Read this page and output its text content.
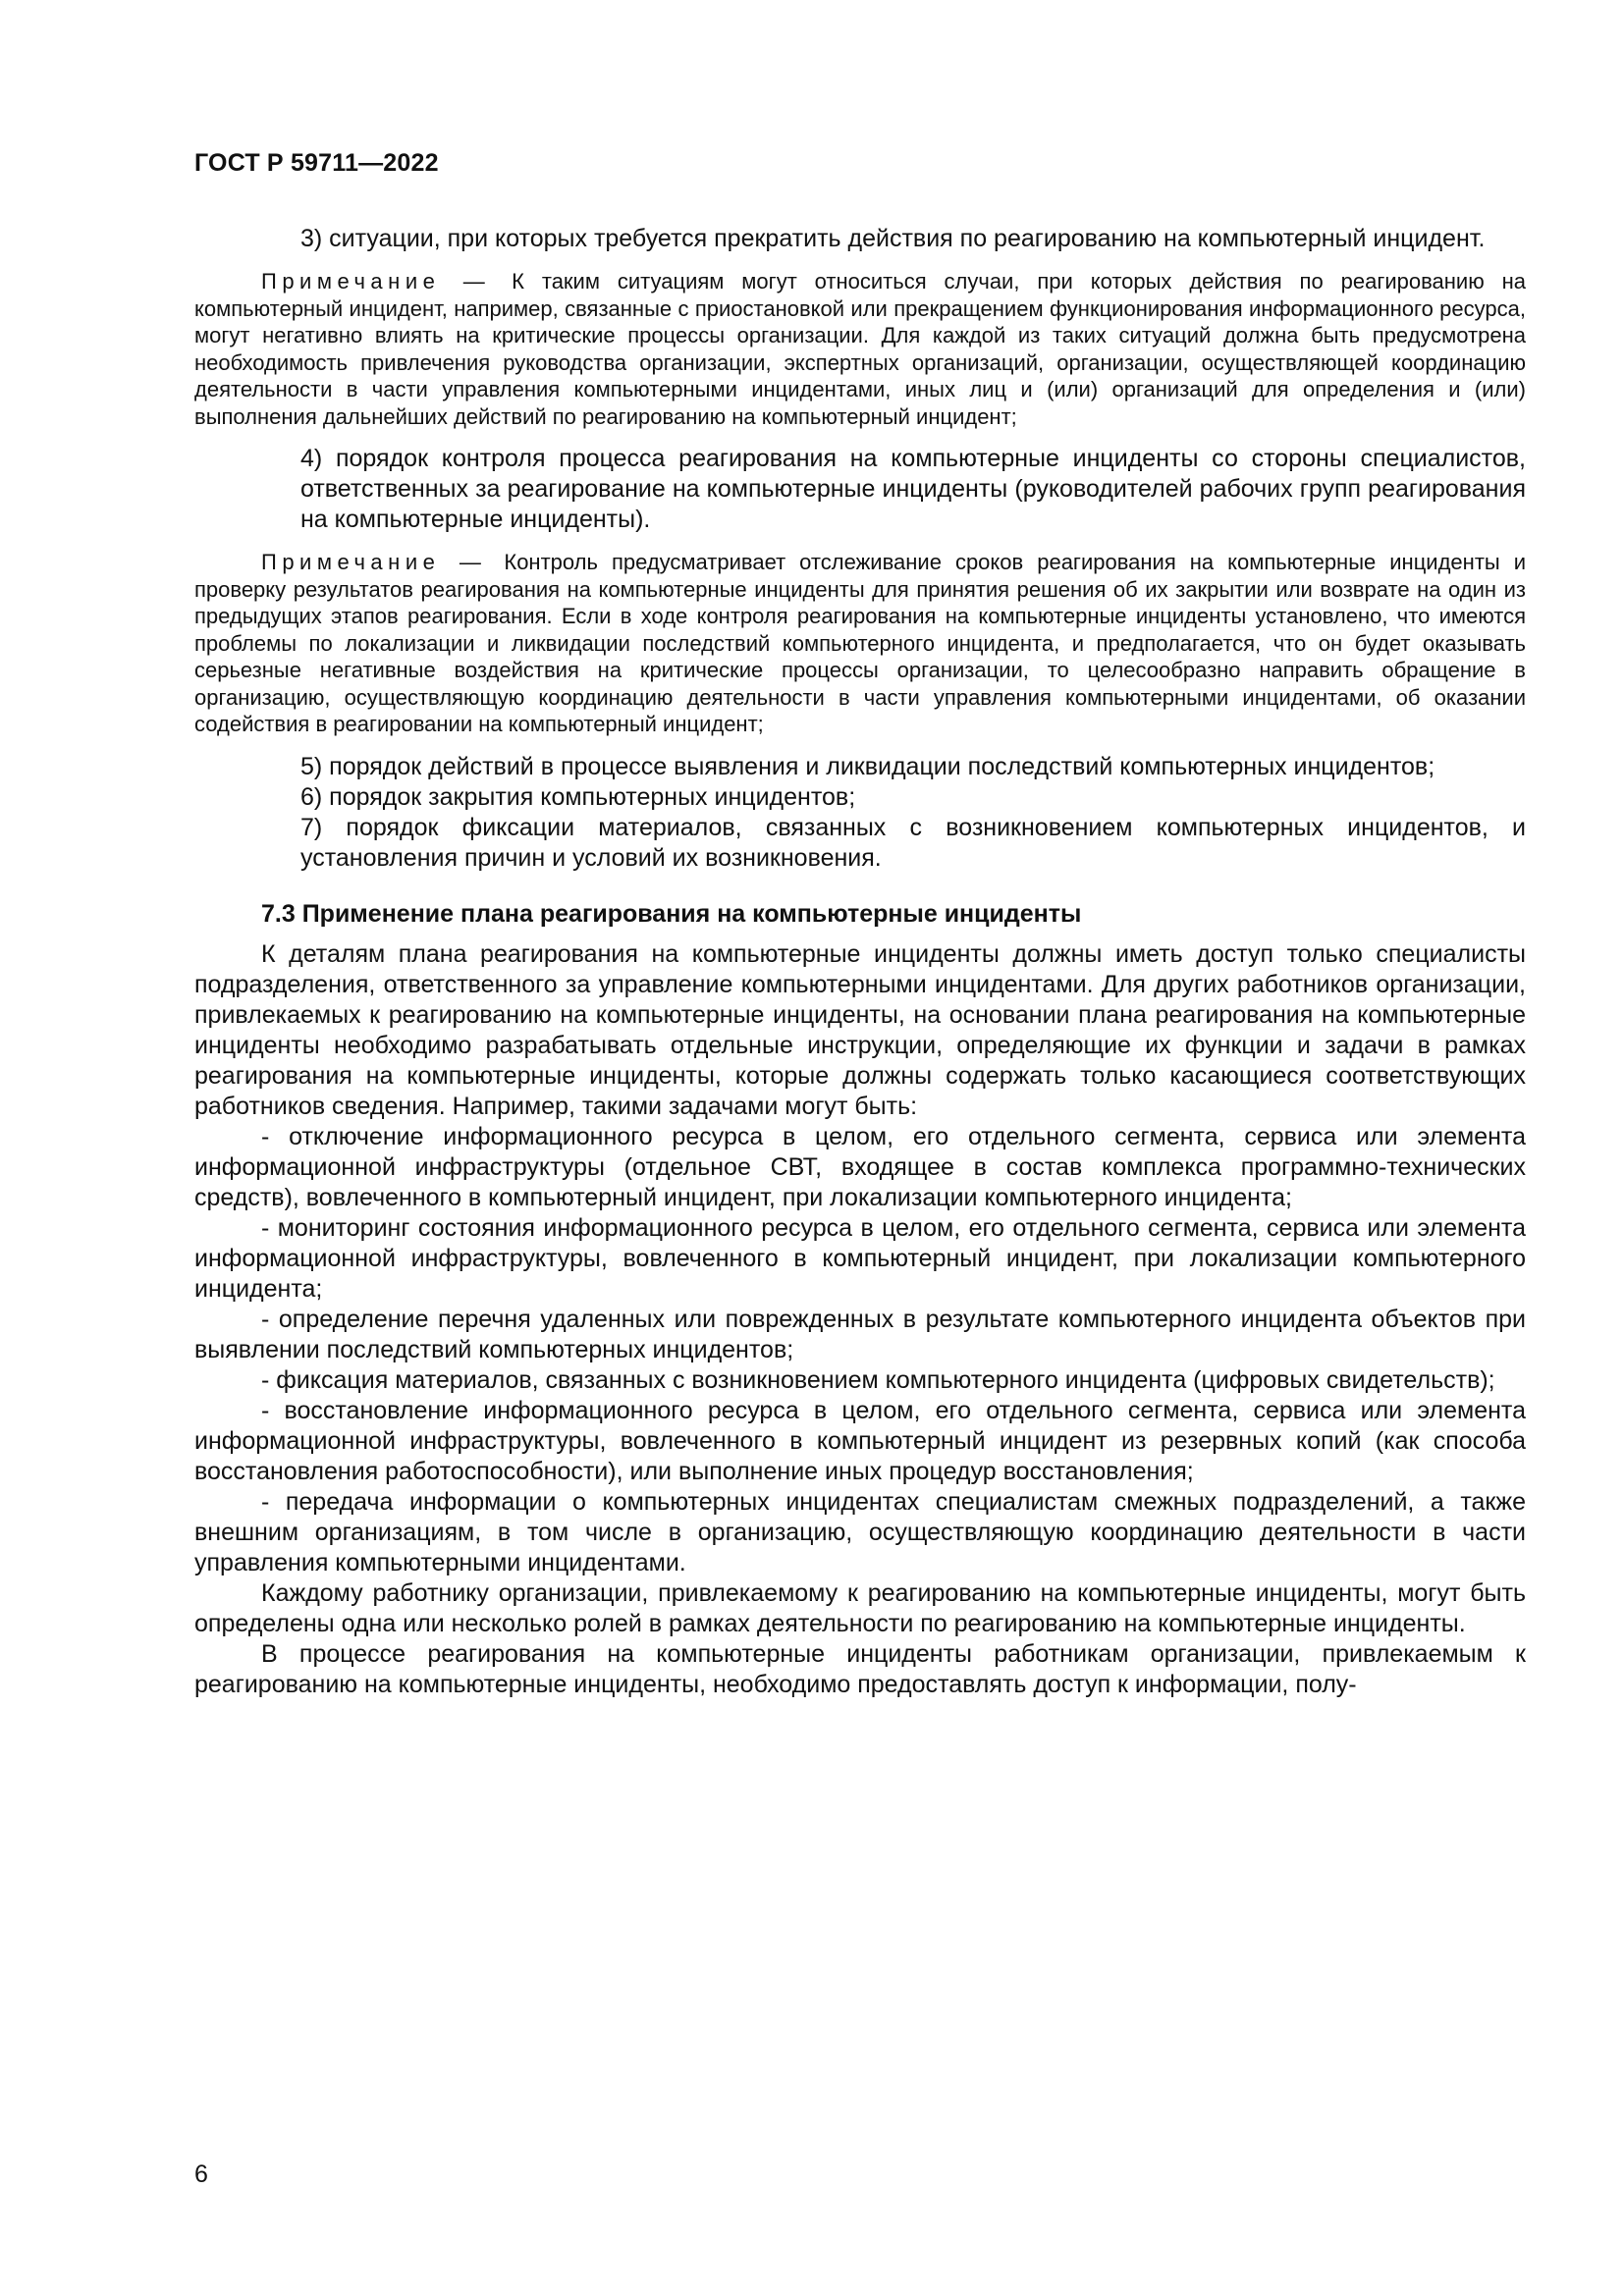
ГОСТ Р 59711—2022
3) ситуации, при которых требуется прекратить действия по реагированию на компьютерный инцидент.
Примечание — К таким ситуациям могут относиться случаи, при которых действия по реагированию на компьютерный инцидент, например, связанные с приостановкой или прекращением функционирования информационного ресурса, могут негативно влиять на критические процессы организации. Для каждой из таких ситуаций должна быть предусмотрена необходимость привлечения руководства организации, экспертных организаций, организации, осуществляющей координацию деятельности в части управления компьютерными инцидентами, иных лиц и (или) организаций для определения и (или) выполнения дальнейших действий по реагированию на компьютерный инцидент;
4) порядок контроля процесса реагирования на компьютерные инциденты со стороны специалистов, ответственных за реагирование на компьютерные инциденты (руководителей рабочих групп реагирования на компьютерные инциденты).
Примечание — Контроль предусматривает отслеживание сроков реагирования на компьютерные инциденты и проверку результатов реагирования на компьютерные инциденты для принятия решения об их закрытии или возврате на один из предыдущих этапов реагирования. Если в ходе контроля реагирования на компьютерные инциденты установлено, что имеются проблемы по локализации и ликвидации последствий компьютерного инцидента, и предполагается, что он будет оказывать серьезные негативные воздействия на критические процессы организации, то целесообразно направить обращение в организацию, осуществляющую координацию деятельности в части управления компьютерными инцидентами, об оказании содействия в реагировании на компьютерный инцидент;
5) порядок действий в процессе выявления и ликвидации последствий компьютерных инцидентов;
6) порядок закрытия компьютерных инцидентов;
7) порядок фиксации материалов, связанных с возникновением компьютерных инцидентов, и установления причин и условий их возникновения.
7.3 Применение плана реагирования на компьютерные инциденты
К деталям плана реагирования на компьютерные инциденты должны иметь доступ только специалисты подразделения, ответственного за управление компьютерными инцидентами. Для других работников организации, привлекаемых к реагированию на компьютерные инциденты, на основании плана реагирования на компьютерные инциденты необходимо разрабатывать отдельные инструкции, определяющие их функции и задачи в рамках реагирования на компьютерные инциденты, которые должны содержать только касающиеся соответствующих работников сведения. Например, такими задачами могут быть:
- отключение информационного ресурса в целом, его отдельного сегмента, сервиса или элемента информационной инфраструктуры (отдельное СВТ, входящее в состав комплекса программно-технических средств), вовлеченного в компьютерный инцидент, при локализации компьютерного инцидента;
- мониторинг состояния информационного ресурса в целом, его отдельного сегмента, сервиса или элемента информационной инфраструктуры, вовлеченного в компьютерный инцидент, при локализации компьютерного инцидента;
- определение перечня удаленных или поврежденных в результате компьютерного инцидента объектов при выявлении последствий компьютерных инцидентов;
- фиксация материалов, связанных с возникновением компьютерного инцидента (цифровых свидетельств);
- восстановление информационного ресурса в целом, его отдельного сегмента, сервиса или элемента информационной инфраструктуры, вовлеченного в компьютерный инцидент из резервных копий (как способа восстановления работоспособности), или выполнение иных процедур восстановления;
- передача информации о компьютерных инцидентах специалистам смежных подразделений, а также внешним организациям, в том числе в организацию, осуществляющую координацию деятельности в части управления компьютерными инцидентами.
Каждому работнику организации, привлекаемому к реагированию на компьютерные инциденты, могут быть определены одна или несколько ролей в рамках деятельности по реагированию на компьютерные инциденты.
В процессе реагирования на компьютерные инциденты работникам организации, привлекаемым к реагированию на компьютерные инциденты, необходимо предоставлять доступ к информации, полу-
6
